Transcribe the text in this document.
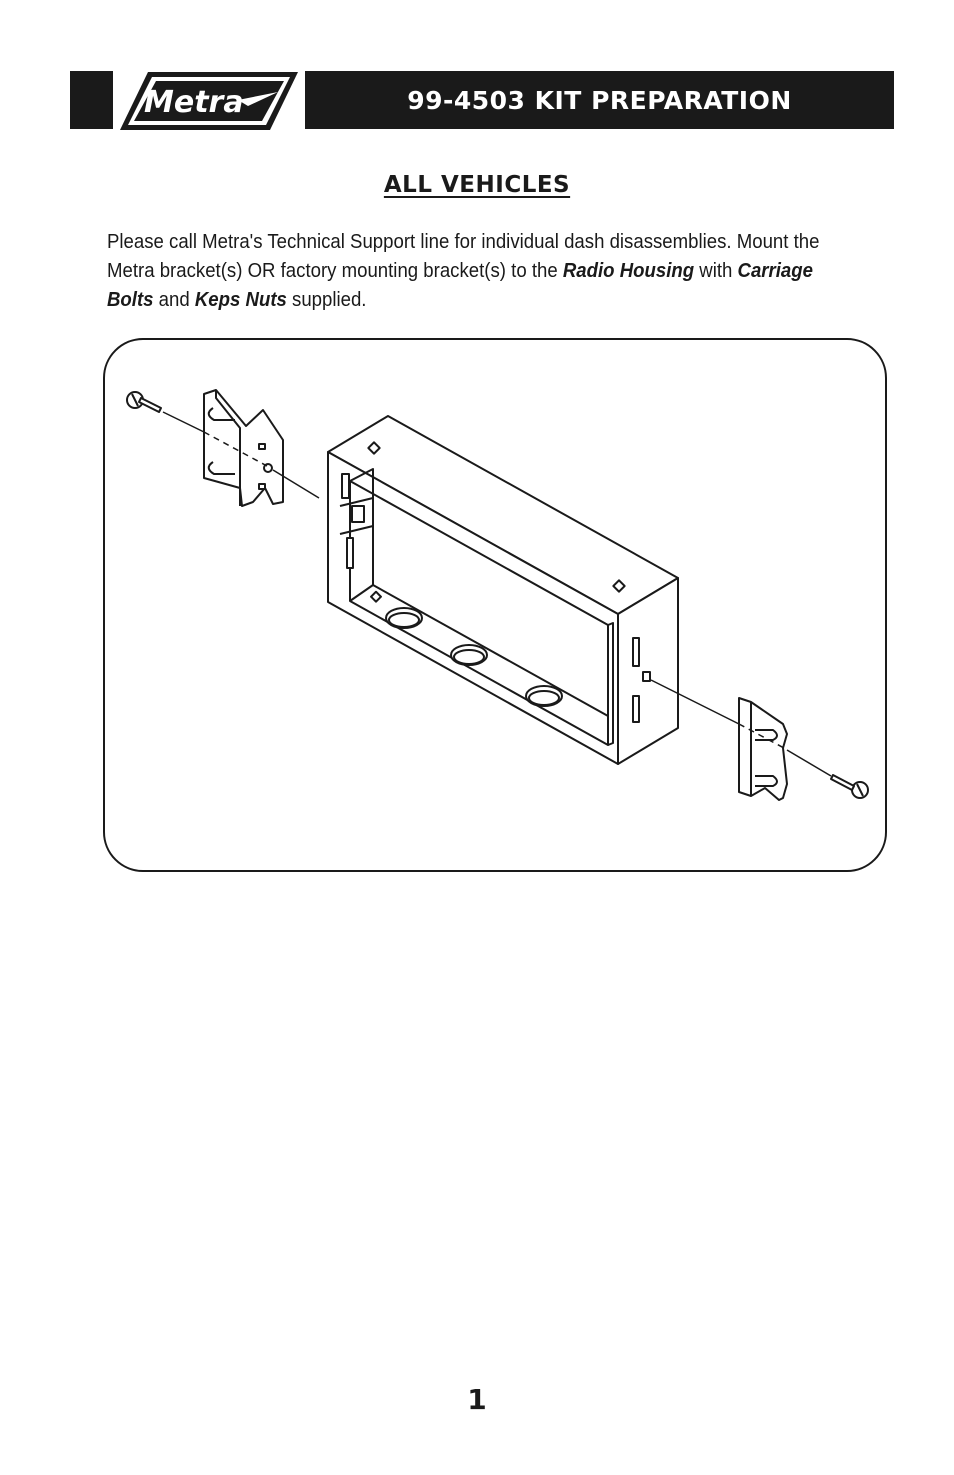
Metra	99-4503 KIT PREPARATION
ALL VEHICLES
Please call Metra's Technical Support line for individual dash disassemblies. Mount the Metra bracket(s) OR factory mounting bracket(s) to the Radio Housing with Carriage Bolts and Keps Nuts supplied.
1
